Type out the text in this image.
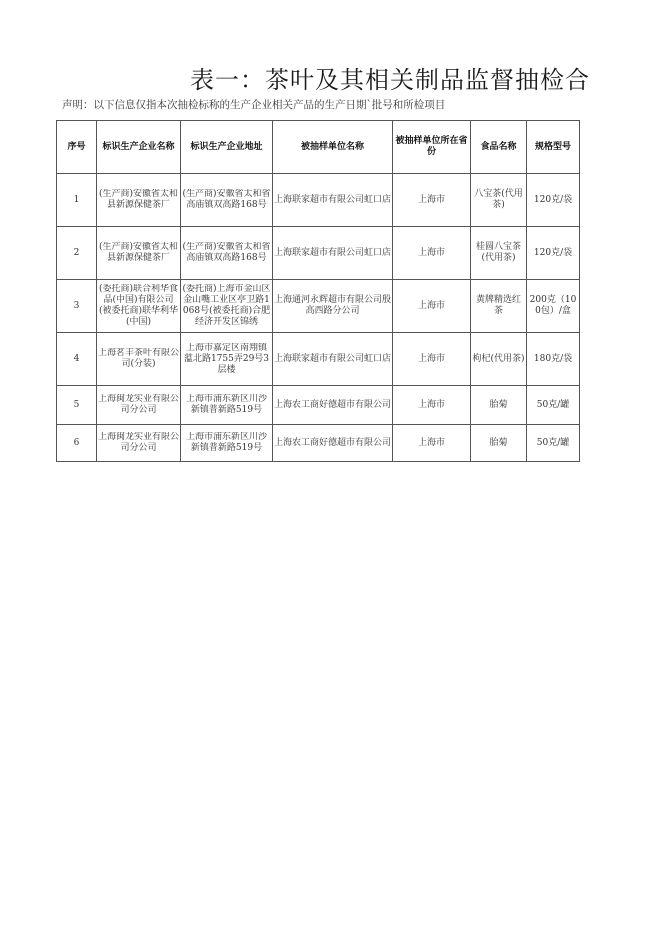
表一：茶叶及其相关制品监督抽检合
声明：以下信息仅指本次抽检标称的生产企业相关产品的生产日期`批号和所检项目
序号	标识生产企业名称	标识生产企业地址	被抽样单位名称	被抽样单位所在省份	食品名称	规格型号
1	(生产商)安徽省太和县新源保健茶厂	(生产商)安徽省太和省高庙镇双高路168号	上海联家超市有限公司虹口店	上海市	八宝茶(代用茶)	120克/袋
2	(生产商)安徽省太和县新源保健茶厂	(生产商)安徽省太和省高庙镇双高路168号	上海联家超市有限公司虹口店	上海市	桂圆八宝茶(代用茶)	120克/袋
3	(委托商)联合利华食品(中国)有限公司(被委托商)联华利华(中国)	(委托商)上海市金山区金山嘴工业区亭卫路1068号(被委托商)合肥经济开发区锦绣	上海通河永辉超市有限公司殷高西路分公司	上海市	黄牌精选红茶	200克（100包）/盒
4	上海茗丰茶叶有限公司(分装)	上海市嘉定区南翔镇蕰北路1755弄29号3层楼	上海联家超市有限公司虹口店	上海市	枸杞(代用茶)	180克/袋
5	上海闽龙实业有限公司分公司	上海市浦东新区川沙新镇普新路519号	上海农工商好德超市有限公司	上海市	胎菊	50克/罐
6	上海闽龙实业有限公司分公司	上海市浦东新区川沙新镇普新路519号	上海农工商好德超市有限公司	上海市	胎菊	50克/罐
